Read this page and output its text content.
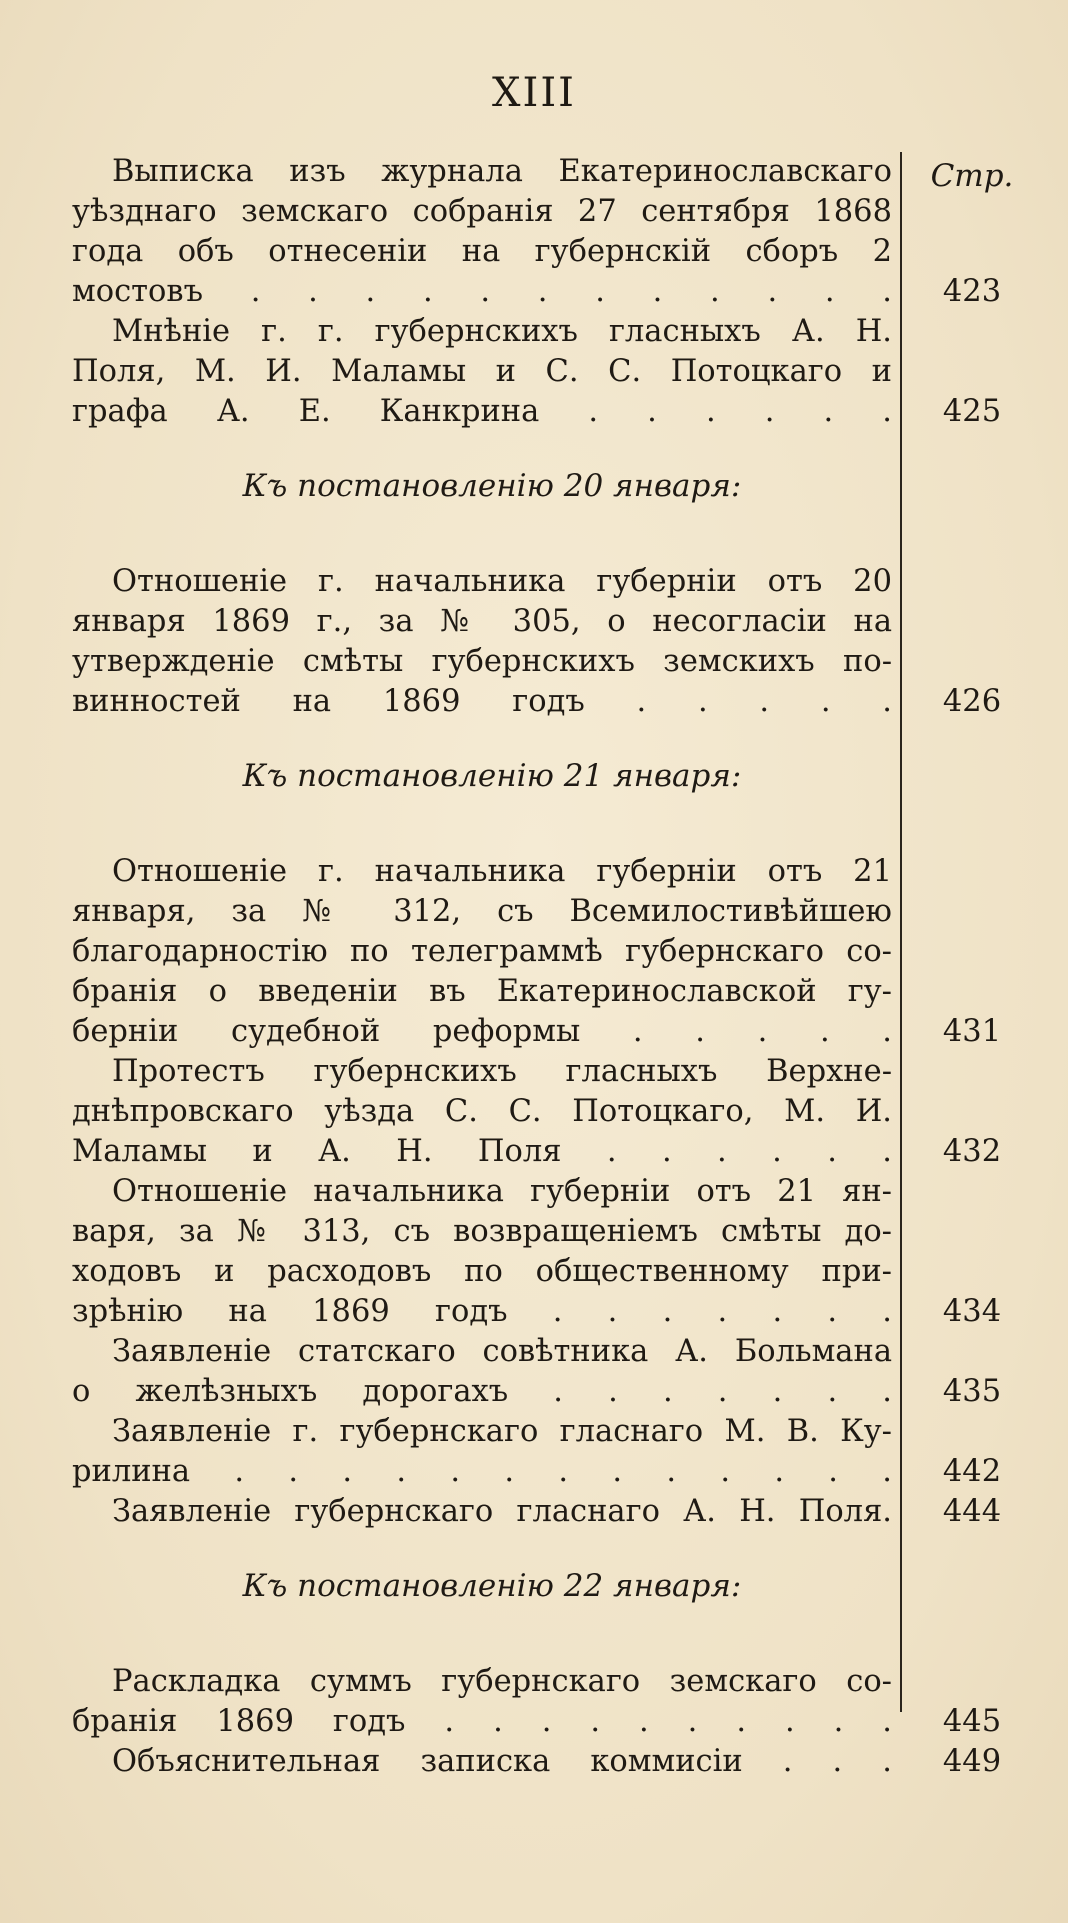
XIII
Стр.
Выписка изъ журнала Екатеринославскаго
уѣзднаго земскаго собранія 27 сентября 1868
года объ отнесеніи на губернскій сборъ 2
мостовъ . . . . . . . . . . . .
Мнѣніе г. г. губернскихъ гласныхъ А. Н.
Поля, М. И. Маламы и С. С. Потоцкаго и
графа А. Е. Канкрина . . . . . .
Къ постановленію 20 января:
Отношеніе г. начальника губерніи отъ 20
января 1869 г., за № 305, о несогласіи на
утвержденіе смѣты губернскихъ земскихъ по-
винностей на 1869 годъ . . . . .
Къ постановленію 21 января:
Отношеніе г. начальника губерніи отъ 21
января, за № 312, съ Всемилостивѣйшею
благодарностію по телеграммѣ губернскаго со-
бранія о введеніи въ Екатеринославской гу-
берніи судебной реформы . . . . .
Протестъ губернскихъ гласныхъ Верхне-
днѣпровскаго уѣзда С. С. Потоцкаго, М. И.
Маламы и А. Н. Поля . . . . . .
Отношеніе начальника губерніи отъ 21 ян-
варя, за № 313, съ возвращеніемъ смѣты до-
ходовъ и расходовъ по общественному при-
зрѣнію на 1869 годъ . . . . . . .
Заявленіе статскаго совѣтника А. Больмана
о желѣзныхъ дорогахъ . . . . . . .
Заявленіе г. губернскаго гласнаго М. В. Ку-
рилина . . . . . . . . . . . . .
Заявленіе губернскаго гласнаго А. Н. Поля.
Къ постановленію 22 января:
Раскладка суммъ губернскаго земскаго со-
бранія 1869 годъ . . . . . . . . . .
Объяснительная записка коммисіи . . .
423
425
426
431
432
434
435
442
444
445
449
